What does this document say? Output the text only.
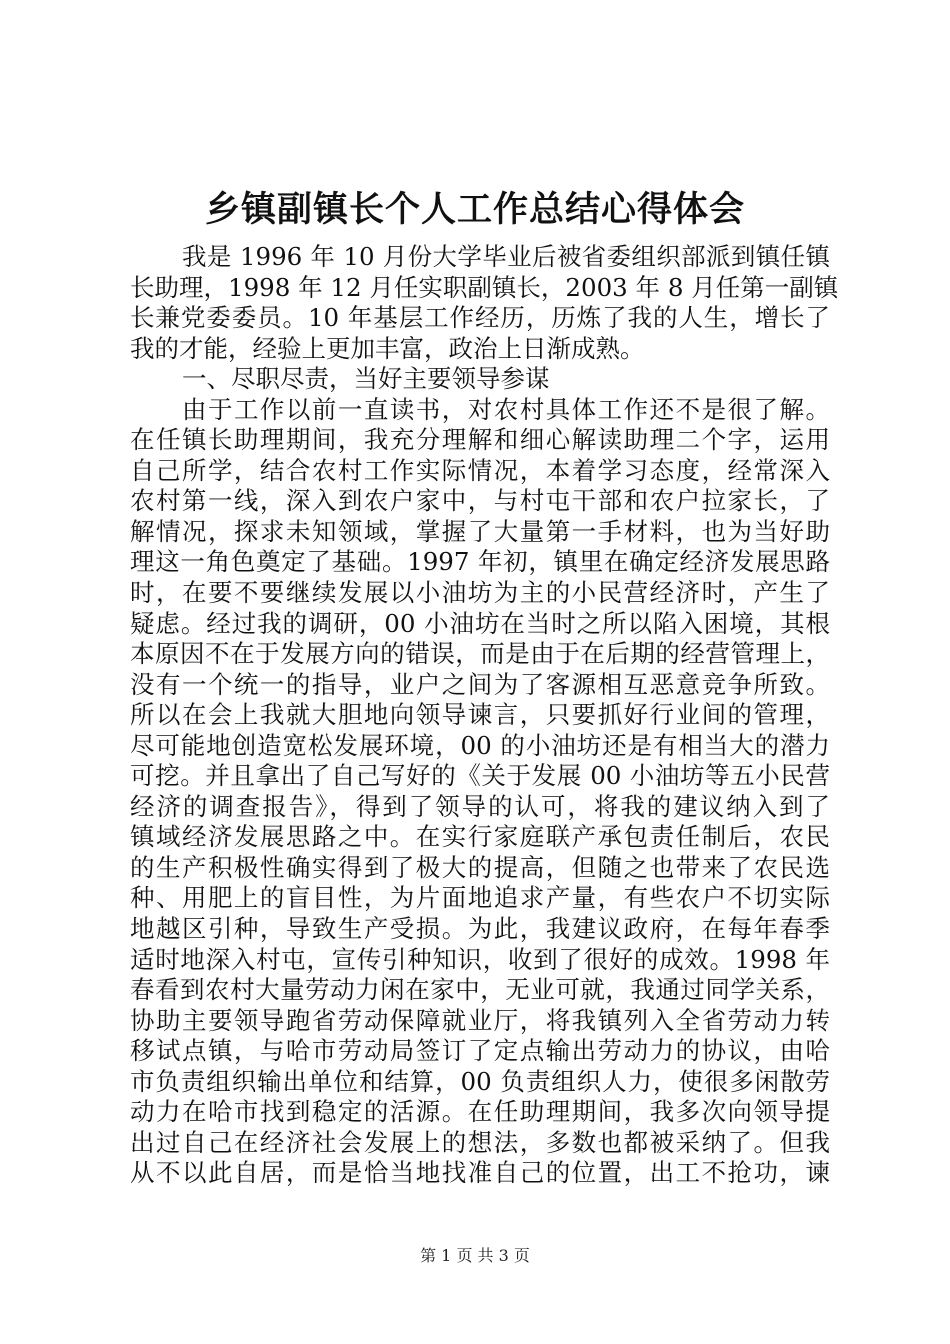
乡镇副镇长个人工作总结心得体会
我是 1996 年 10 月份大学毕业后被省委组织部派到镇任镇
长助理，1998 年 12 月任实职副镇长，2003 年 8 月任第一副镇
长兼党委委员。10 年基层工作经历，历炼了我的人生，增长了
我的才能，经验上更加丰富，政治上日渐成熟。
一、尽职尽责，当好主要领导参谋
由于工作以前一直读书，对农村具体工作还不是很了解。
在任镇长助理期间，我充分理解和细心解读助理二个字，运用
自己所学，结合农村工作实际情况，本着学习态度，经常深入
农村第一线，深入到农户家中，与村屯干部和农户拉家长，了
解情况，探求未知领域，掌握了大量第一手材料，也为当好助
理这一角色奠定了基础。1997 年初，镇里在确定经济发展思路
时，在要不要继续发展以小油坊为主的小民营经济时，产生了
疑虑。经过我的调研，00 小油坊在当时之所以陷入困境，其根
本原因不在于发展方向的错误，而是由于在后期的经营管理上，
没有一个统一的指导，业户之间为了客源相互恶意竞争所致。
所以在会上我就大胆地向领导谏言，只要抓好行业间的管理，
尽可能地创造宽松发展环境，00 的小油坊还是有相当大的潜力
可挖。并且拿出了自己写好的《关于发展 00 小油坊等五小民营
经济的调查报告》，得到了领导的认可，将我的建议纳入到了
镇域经济发展思路之中。在实行家庭联产承包责任制后，农民
的生产积极性确实得到了极大的提高，但随之也带来了农民选
种、用肥上的盲目性，为片面地追求产量，有些农户不切实际
地越区引种，导致生产受损。为此，我建议政府，在每年春季
适时地深入村屯，宣传引种知识，收到了很好的成效。1998 年
春看到农村大量劳动力闲在家中，无业可就，我通过同学关系，
协助主要领导跑省劳动保障就业厅，将我镇列入全省劳动力转
移试点镇，与哈市劳动局签订了定点输出劳动力的协议，由哈
市负责组织输出单位和结算，00 负责组织人力，使很多闲散劳
动力在哈市找到稳定的活源。在任助理期间，我多次向领导提
出过自己在经济社会发展上的想法，多数也都被采纳了。但我
从不以此自居，而是恰当地找准自己的位置，出工不抢功，谏
第 1 页 共 3 页
